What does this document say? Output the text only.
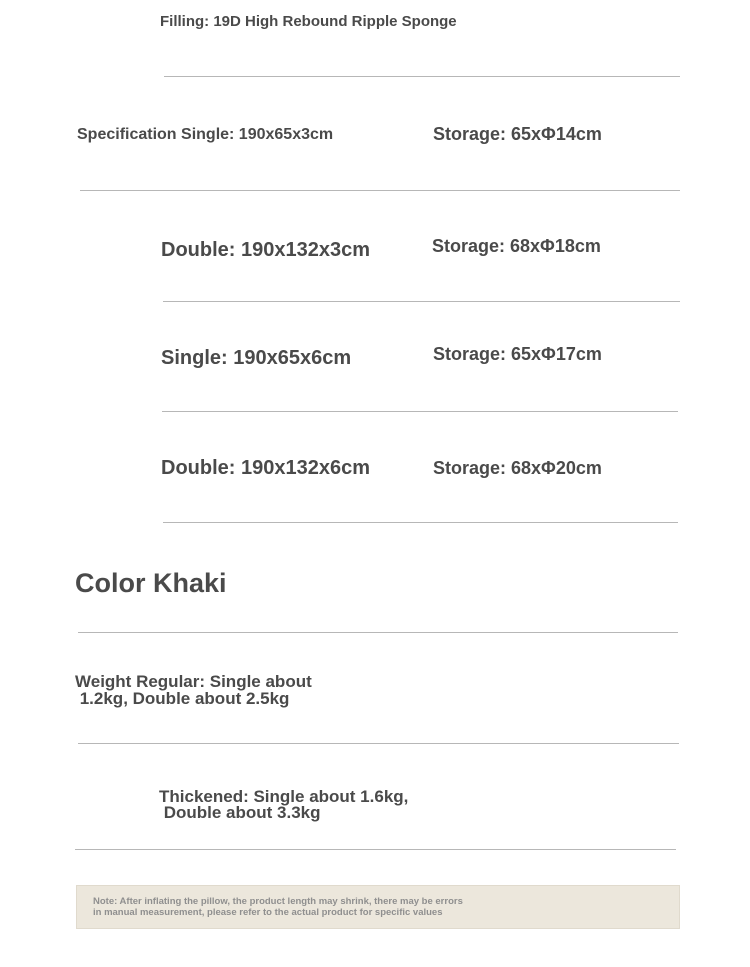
Filling: 19D High Rebound Ripple Sponge
Specification Single: 190x65x3cm	Storage: 65xΦ14cm
Double: 190x132x3cm	Storage: 68xΦ18cm
Single: 190x65x6cm	Storage: 65xΦ17cm
Double: 190x132x6cm	Storage: 68xΦ20cm
Color Khaki
Weight Regular: Single about
1.2kg, Double about 2.5kg
Thickened: Single about 1.6kg,
Double about 3.3kg
Note: After inflating the pillow, the product length may shrink, there may be errors
in manual measurement, please refer to the actual product for specific values
